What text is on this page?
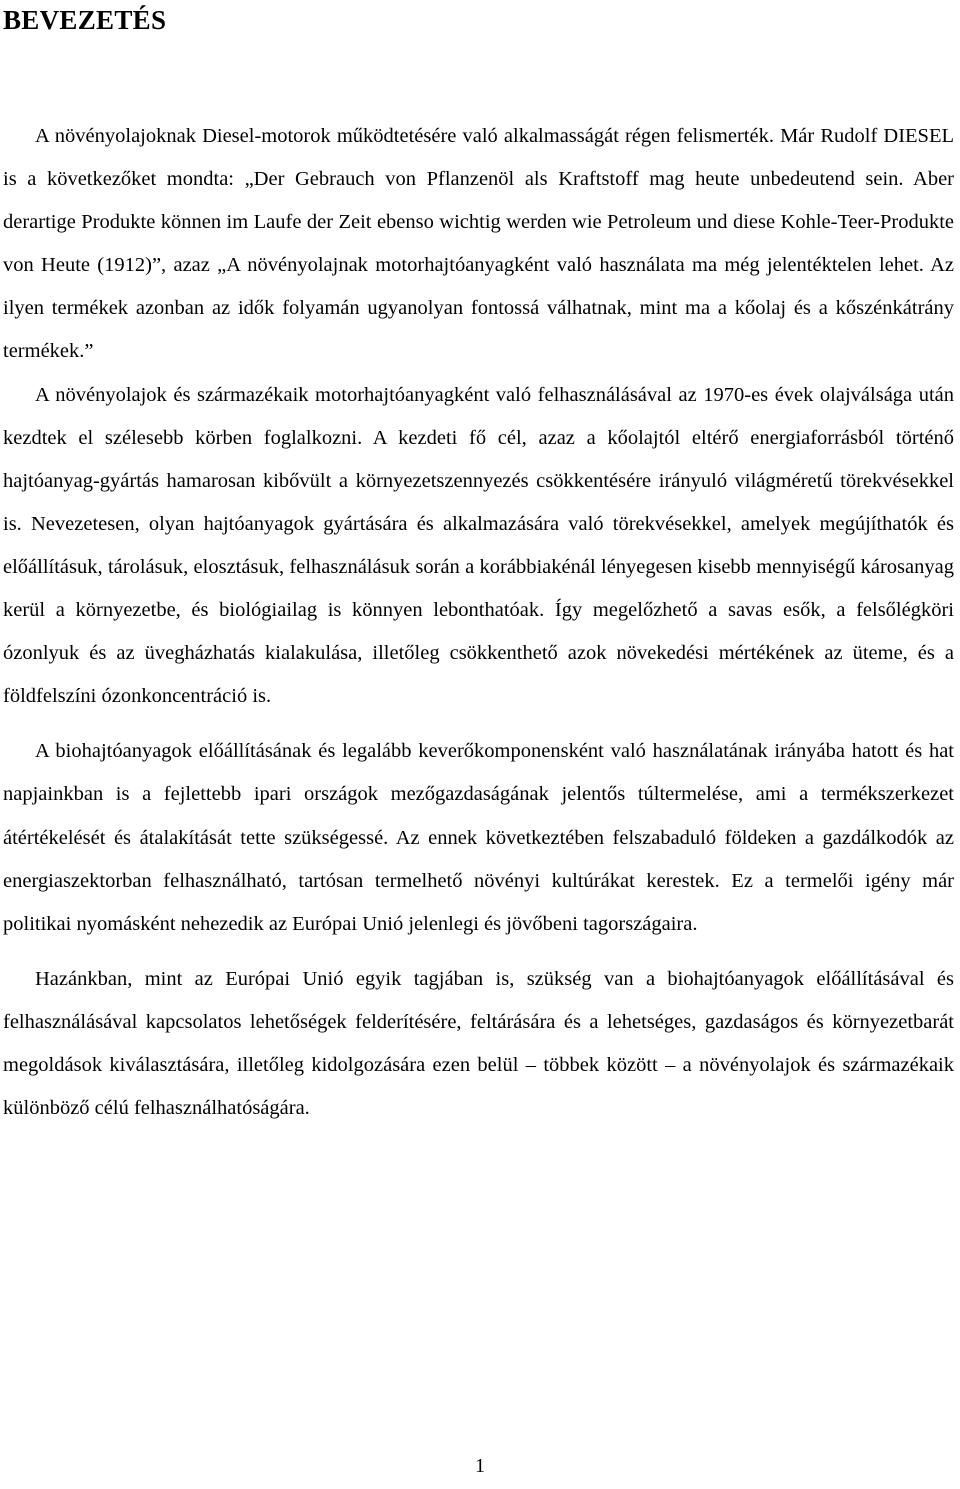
BEVEZETÉS

A növényolajoknak Diesel-motorok működtetésére való alkalmasságát régen felismerték. Már Rudolf DIESEL is a következőket mondta: „Der Gebrauch von Pflanzenöl als Kraftstoff mag heute unbedeutend sein. Aber derartige Produkte können im Laufe der Zeit ebenso wichtig werden wie Petroleum und diese Kohle-Teer-Produkte von Heute (1912)”, azaz „A növényolajnak motorhajtóanyagként való használata ma még jelentéktelen lehet. Az ilyen termékek azonban az idők folyamán ugyanolyan fontossá válhatnak, mint ma a kőolaj és a kőszénkátrány termékek.”

A növényolajok és származékaik motorhajtóanyagként való felhasználásával az 1970-es évek olajválsága után kezdtek el szélesebb körben foglalkozni. A kezdeti fő cél, azaz a kőolajtól eltérő energiaforrásból történő hajtóanyag-gyártás hamarosan kibővült a környezetszennyezés csökkentésére irányuló világméretű törekvésekkel is. Nevezetesen, olyan hajtóanyagok gyártására és alkalmazására való törekvésekkel, amelyek megújíthatók és előállításuk, tárolásuk, elosztásuk, felhasználásuk során a korábbiakénál lényegesen kisebb mennyiségű károsanyag kerül a környezetbe, és biológiailag is könnyen lebonthatóak. Így megelőzhető a savas esők, a felsőlégköri ózonlyuk és az üvegházhatás kialakulása, illetőleg csökkenthető azok növekedési mértékének az üteme, és a földfelszíni ózonkoncentráció is.

A biohajtóanyagok előállításának és legalább keverőkomponensként való használatának irányába hatott és hat napjainkban is a fejlettebb ipari országok mezőgazdaságának jelentős túltermelése, ami a termékszerkezet átértékelését és átalakítását tette szükségessé. Az ennek következtében felszabaduló földeken a gazdálkodók az energiaszektorban felhasználható, tartósan termelhető növényi kultúrákat kerestek. Ez a termelői igény már politikai nyomásként nehezedik az Európai Unió jelenlegi és jövőbeni tagországaira.

Hazánkban, mint az Európai Unió egyik tagjában is, szükség van a biohajtóanyagok előállításával és felhasználásával kapcsolatos lehetőségek felderítésére, feltárására és a lehetséges, gazdaságos és környezetbarát megoldások kiválasztására, illetőleg kidolgozására ezen belül – többek között – a növényolajok és származékaik különböző célú felhasználhatóságára.

1
